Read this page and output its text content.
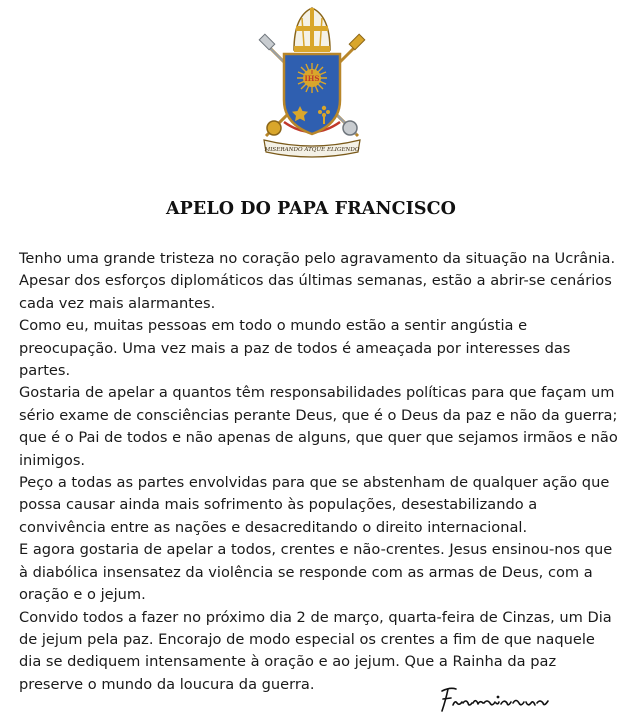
IHS
MISERANDO ATQUE ELIGENDO
APELO DO PAPA FRANCISCO

Tenho uma grande tristeza no coração pelo agravamento da situação na Ucrânia. Apesar dos esforços diplomáticos das últimas semanas, estão a abrir-se cenários cada vez mais alarmantes.

Como eu, muitas pessoas em todo o mundo estão a sentir angústia e preocupação. Uma vez mais a paz de todos é ameaçada por interesses das partes.

Gostaria de apelar a quantos têm responsabilidades políticas para que façam um sério exame de consciências perante Deus, que é o Deus da paz e não da guerra; que é o Pai de todos e não apenas de alguns, que quer que sejamos irmãos e não inimigos.

Peço a todas as partes envolvidas para que se abstenham de qualquer ação que possa causar ainda mais sofrimento às populações, desestabilizando a convivência entre as nações e desacreditando o direito internacional.

E agora gostaria de apelar a todos, crentes e não-crentes. Jesus ensinou-nos que à diabólica insensatez da violência se responde com as armas de Deus, com a oração e o jejum.

Convido todos a fazer no próximo dia 2 de março, quarta-feira de Cinzas, um Dia de jejum pela paz. Encorajo de modo especial os crentes a fim de que naquele dia se dediquem intensamente à oração e ao jejum. Que a Rainha da paz preserve o mundo da loucura da guerra.
